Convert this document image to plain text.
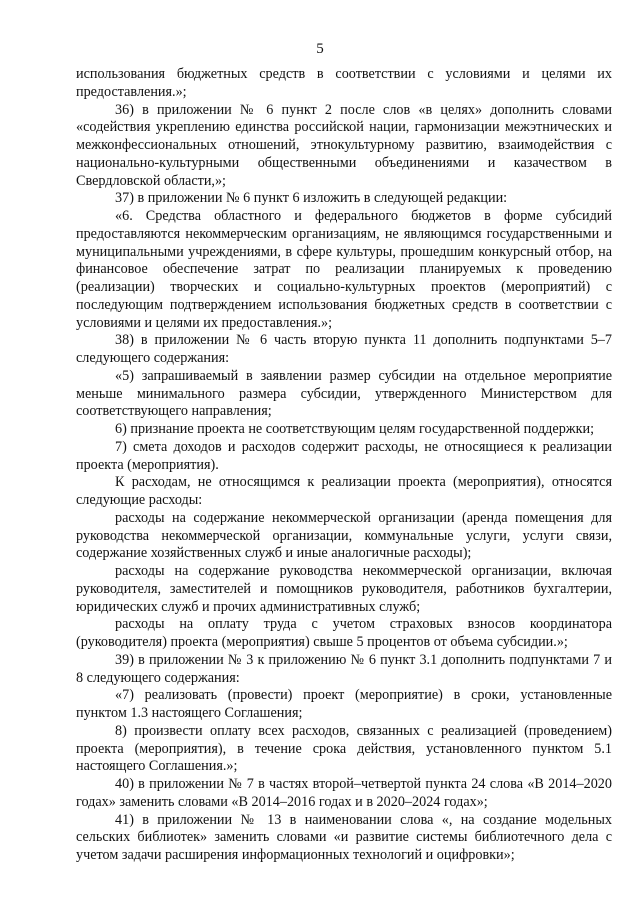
5

использования бюджетных средств в соответствии с условиями и целями их предоставления.»;

36) в приложении № 6 пункт 2 после слов «в целях» дополнить словами «содействия укреплению единства российской нации, гармонизации межэтнических и межконфессиональных отношений, этнокультурному развитию, взаимодействия с национально-культурными общественными объединениями и казачеством в Свердловской области,»;

37) в приложении № 6 пункт 6 изложить в следующей редакции:

«6. Средства областного и федерального бюджетов в форме субсидий предоставляются некоммерческим организациям, не являющимся государственными и муниципальными учреждениями, в сфере культуры, прошедшим конкурсный отбор, на финансовое обеспечение затрат по реализации планируемых к проведению (реализации) творческих и социально-культурных проектов (мероприятий) с последующим подтверждением использования бюджетных средств в соответствии с условиями и целями их предоставления.»;

38) в приложении № 6 часть вторую пункта 11 дополнить подпунктами 5–7 следующего содержания:

«5) запрашиваемый в заявлении размер субсидии на отдельное мероприятие меньше минимального размера субсидии, утвержденного Министерством для соответствующего направления;

6) признание проекта не соответствующим целям государственной поддержки;

7) смета доходов и расходов содержит расходы, не относящиеся к реализации проекта (мероприятия).

К расходам, не относящимся к реализации проекта (мероприятия), относятся следующие расходы:

расходы на содержание некоммерческой организации (аренда помещения для руководства некоммерческой организации, коммунальные услуги, услуги связи, содержание хозяйственных служб и иные аналогичные расходы);

расходы на содержание руководства некоммерческой организации, включая руководителя, заместителей и помощников руководителя, работников бухгалтерии, юридических служб и прочих административных служб;

расходы на оплату труда с учетом страховых взносов координатора (руководителя) проекта (мероприятия) свыше 5 процентов от объема субсидии.»;

39) в приложении № 3 к приложению № 6 пункт 3.1 дополнить подпунктами 7 и 8 следующего содержания:

«7) реализовать (провести) проект (мероприятие) в сроки, установленные пунктом 1.3 настоящего Соглашения;

8) произвести оплату всех расходов, связанных с реализацией (проведением) проекта (мероприятия), в течение срока действия, установленного пунктом 5.1 настоящего Соглашения.»;

40) в приложении № 7 в частях второй–четвертой пункта 24 слова «В 2014–2020 годах» заменить словами «В 2014–2016 годах и в 2020–2024 годах»;

41) в приложении № 13 в наименовании слова «, на создание модельных сельских библиотек» заменить словами «и развитие системы библиотечного дела с учетом задачи расширения информационных технологий и оцифровки»;
